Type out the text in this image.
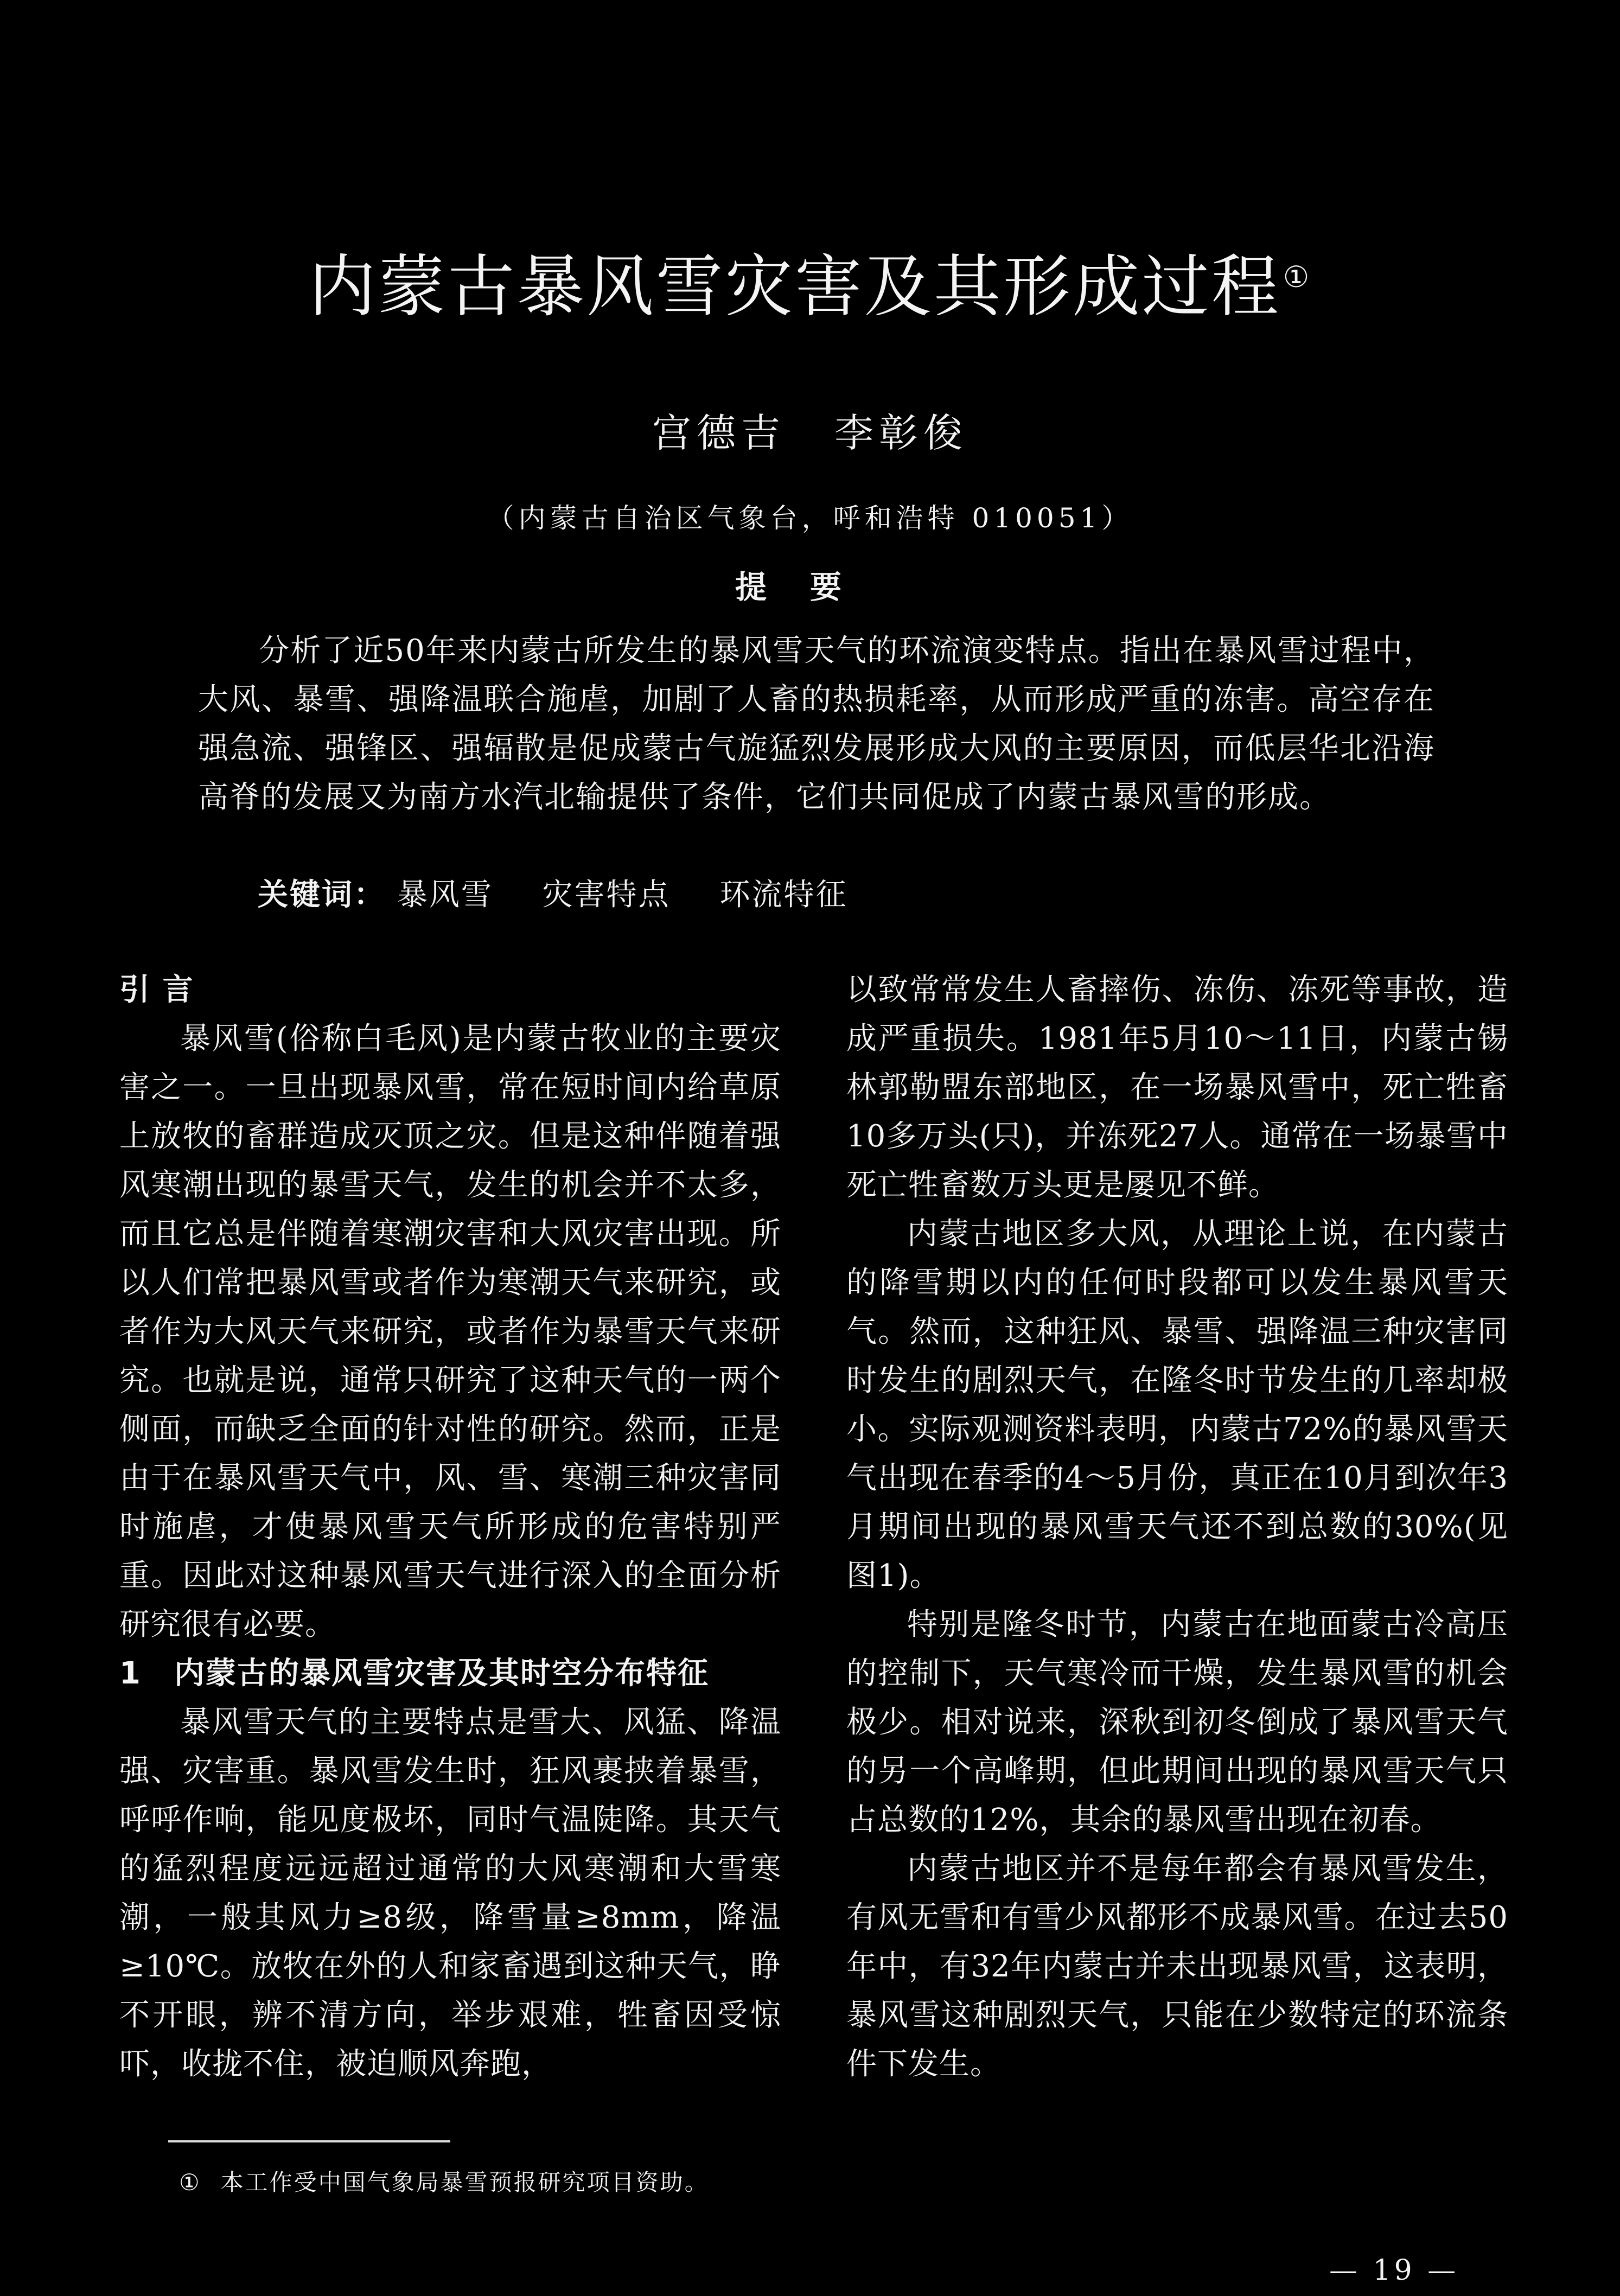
内蒙古暴风雪灾害及其形成过程①
宫德吉 李彰俊
（内蒙古自治区气象台，呼和浩特 010051）
提要
分析了近50年来内蒙古所发生的暴风雪天气的环流演变特点。指出在暴风雪过程中，大风、暴雪、强降温联合施虐，加剧了人畜的热损耗率，从而形成严重的冻害。高空存在强急流、强锋区、强辐散是促成蒙古气旋猛烈发展形成大风的主要原因，而低层华北沿海高脊的发展又为南方水汽北输提供了条件，它们共同促成了内蒙古暴风雪的形成。
关键词： 暴风雪 灾害特点 环流特征
引 言

暴风雪(俗称白毛风)是内蒙古牧业的主要灾害之一。一旦出现暴风雪，常在短时间内给草原上放牧的畜群造成灭顶之灾。但是这种伴随着强风寒潮出现的暴雪天气，发生的机会并不太多，而且它总是伴随着寒潮灾害和大风灾害出现。所以人们常把暴风雪或者作为寒潮天气来研究，或者作为大风天气来研究，或者作为暴雪天气来研究。也就是说，通常只研究了这种天气的一两个侧面，而缺乏全面的针对性的研究。然而，正是由于在暴风雪天气中，风、雪、寒潮三种灾害同时施虐，才使暴风雪天气所形成的危害特别严重。因此对这种暴风雪天气进行深入的全面分析研究很有必要。

1 内蒙古的暴风雪灾害及其时空分布特征

暴风雪天气的主要特点是雪大、风猛、降温强、灾害重。暴风雪发生时，狂风裹挟着暴雪，呼呼作响，能见度极坏，同时气温陡降。其天气的猛烈程度远远超过通常的大风寒潮和大雪寒潮，一般其风力≥8级，降雪量≥8mm，降温≥10℃。放牧在外的人和家畜遇到这种天气，睁不开眼，辨不清方向，举步艰难，牲畜因受惊吓，收拢不住，被迫顺风奔跑，

以致常常发生人畜摔伤、冻伤、冻死等事故，造成严重损失。1981年5月10～11日，内蒙古锡林郭勒盟东部地区，在一场暴风雪中，死亡牲畜10多万头(只)，并冻死27人。通常在一场暴雪中死亡牲畜数万头更是屡见不鲜。

内蒙古地区多大风，从理论上说，在内蒙古的降雪期以内的任何时段都可以发生暴风雪天气。然而，这种狂风、暴雪、强降温三种灾害同时发生的剧烈天气，在隆冬时节发生的几率却极小。实际观测资料表明，内蒙古72%的暴风雪天气出现在春季的4～5月份，真正在10月到次年3月期间出现的暴风雪天气还不到总数的30%(见图1)。

特别是隆冬时节，内蒙古在地面蒙古冷高压的控制下，天气寒冷而干燥，发生暴风雪的机会极少。相对说来，深秋到初冬倒成了暴风雪天气的另一个高峰期，但此期间出现的暴风雪天气只占总数的12%，其余的暴风雪出现在初春。

内蒙古地区并不是每年都会有暴风雪发生，有风无雪和有雪少风都形不成暴风雪。在过去50年中，有32年内蒙古并未出现暴风雪，这表明，暴风雪这种剧烈天气，只能在少数特定的环流条件下发生。

① 本工作受中国气象局暴雪预报研究项目资助。
— 19 —
